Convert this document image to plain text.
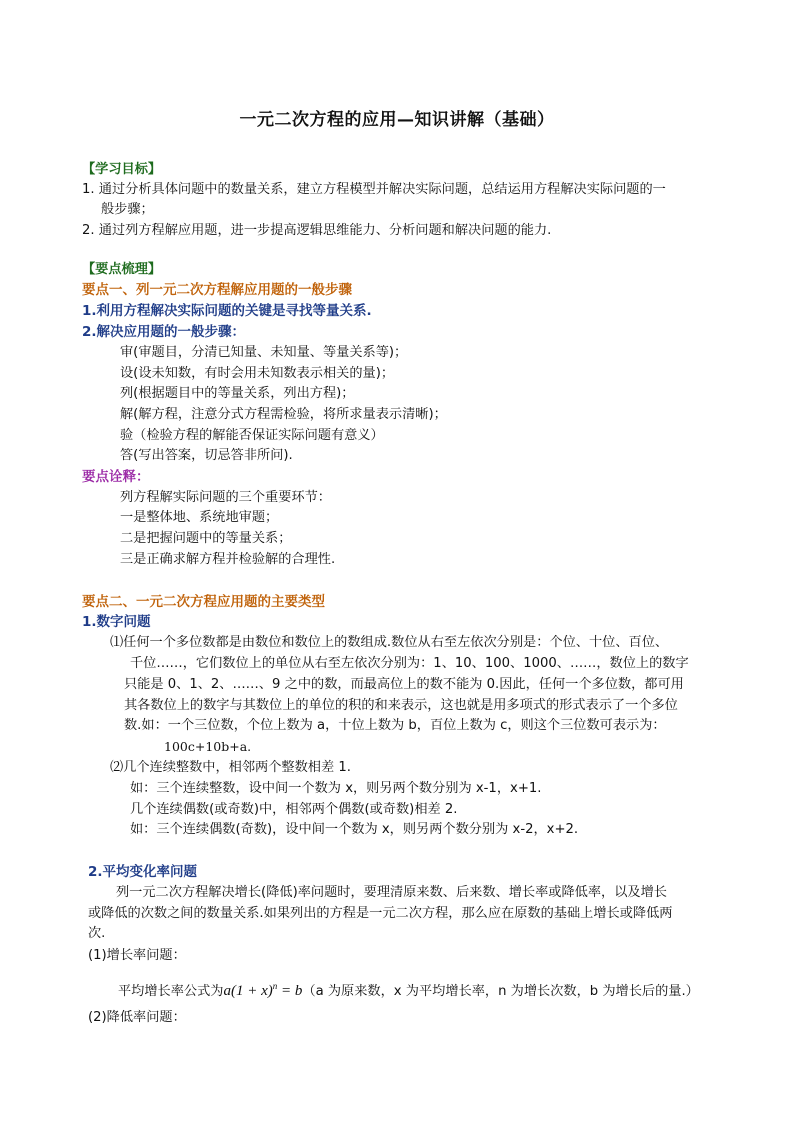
一元二次方程的应用—知识讲解（基础）
【学习目标】
1. 通过分析具体问题中的数量关系，建立方程模型并解决实际问题，总结运用方程解决实际问题的一
般步骤；
2. 通过列方程解应用题，进一步提高逻辑思维能力、分析问题和解决问题的能力.
【要点梳理】
要点一、列一元二次方程解应用题的一般步骤
1.利用方程解决实际问题的关键是寻找等量关系.
2.解决应用题的一般步骤：
审(审题目，分清已知量、未知量、等量关系等)；
设(设未知数，有时会用未知数表示相关的量)；
列(根据题目中的等量关系，列出方程)；
解(解方程，注意分式方程需检验，将所求量表示清晰)；
验（检验方程的解能否保证实际问题有意义）
答(写出答案，切忌答非所问).
要点诠释：
列方程解实际问题的三个重要环节：
一是整体地、系统地审题；
二是把握问题中的等量关系；
三是正确求解方程并检验解的合理性.
要点二、一元二次方程应用题的主要类型
1.数字问题
⑴任何一个多位数都是由数位和数位上的数组成.数位从右至左依次分别是：个位、十位、百位、
千位……，它们数位上的单位从右至左依次分别为：1、10、100、1000、……，数位上的数字
只能是 0、1、2、……、9 之中的数，而最高位上的数不能为 0.因此，任何一个多位数，都可用
其各数位上的数字与其数位上的单位的积的和来表示，这也就是用多项式的形式表示了一个多位
数.如：一个三位数，个位上数为 a，十位上数为 b，百位上数为 c，则这个三位数可表示为：
100c+10b+a.
⑵几个连续整数中，相邻两个整数相差 1.
如：三个连续整数，设中间一个数为 x，则另两个数分别为 x-1，x+1.
几个连续偶数(或奇数)中，相邻两个偶数(或奇数)相差 2.
如：三个连续偶数(奇数)，设中间一个数为 x，则另两个数分别为 x-2，x+2.
2.平均变化率问题
列一元二次方程解决增长(降低)率问题时，要理清原来数、后来数、增长率或降低率，以及增长
或降低的次数之间的数量关系.如果列出的方程是一元二次方程，那么应在原数的基础上增长或降低两
次.
(1)增长率问题：
平均增长率公式为$a(1 + x)^n = b(a$ 为原来数，x 为平均增长率，n 为增长次数，b 为增长后的量.）
(2)降低率问题：
